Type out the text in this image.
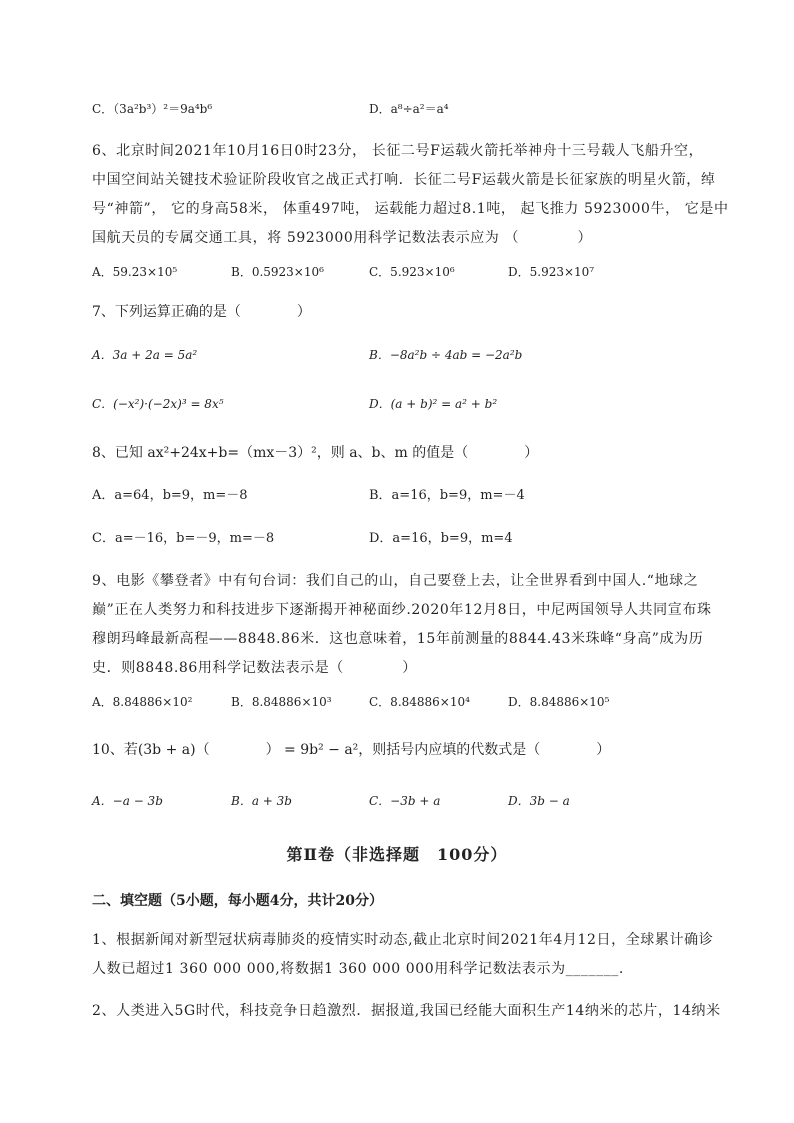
C．（3a²b³）²＝9a⁴b⁶	D．a⁸÷a²＝a⁴
6、北京时间2021年10月16日0时23分， 长征二号F运载火箭托举神舟十三号载人飞船升空，
中国空间站关键技术验证阶段收官之战正式打响．长征二号F运载火箭是长征家族的明星火箭，绰
号“神箭”， 它的身高58米， 体重497吨， 运载能力超过8.1吨， 起飞推力 5923000牛， 它是中
国航天员的专属交通工具，将 5923000用科学记数法表示应为 （　　　　）
A．59.23×10⁵	B．0.5923×10⁶	C．5.923×10⁶	D．5.923×10⁷
7、下列运算正确的是（　　　　）
A．3a + 2a = 5a²	B．−8a²b ÷ 4ab = −2a²b
C．(−x²)·(−2x)³ = 8x⁵	D．(a + b)² = a² + b²
8、已知 ax²+24x+b=（mx－3）²，则 a、b、m 的值是（　　　　）
A．a=64，b=9，m=－8	B．a=16，b=9，m=－4
C．a=－16，b=－9，m=－8	D．a=16，b=9，m=4
9、电影《攀登者》中有句台词：我们自己的山，自己要登上去，让全世界看到中国人.“地球之
巅”正在人类努力和科技进步下逐渐揭开神秘面纱.2020年12月8日，中尼两国领导人共同宣布珠
穆朗玛峰最新高程——8848.86米．这也意味着，15年前测量的8844.43米珠峰“身高”成为历
史．则8848.86用科学记数法表示是（　　　　）
A．8.84886×10²	B．8.84886×10³	C．8.84886×10⁴	D．8.84886×10⁵
10、若(3b + a)（　　　　） = 9b² − a²，则括号内应填的代数式是（　　　　）
A．−a − 3b	B．a + 3b	C．−3b + a	D．3b − a
第Ⅱ卷（非选择题　100分）
二、填空题（5小题，每小题4分，共计20分）
1、根据新闻对新型冠状病毒肺炎的疫情实时动态,截止北京时间2021年4月12日，全球累计确诊
人数已超过1 360 000 000,将数据1 360 000 000用科学记数法表示为_______.
2、人类进入5G时代，科技竞争日趋激烈．据报道,我国已经能大面积生产14纳米的芯片，14纳米
